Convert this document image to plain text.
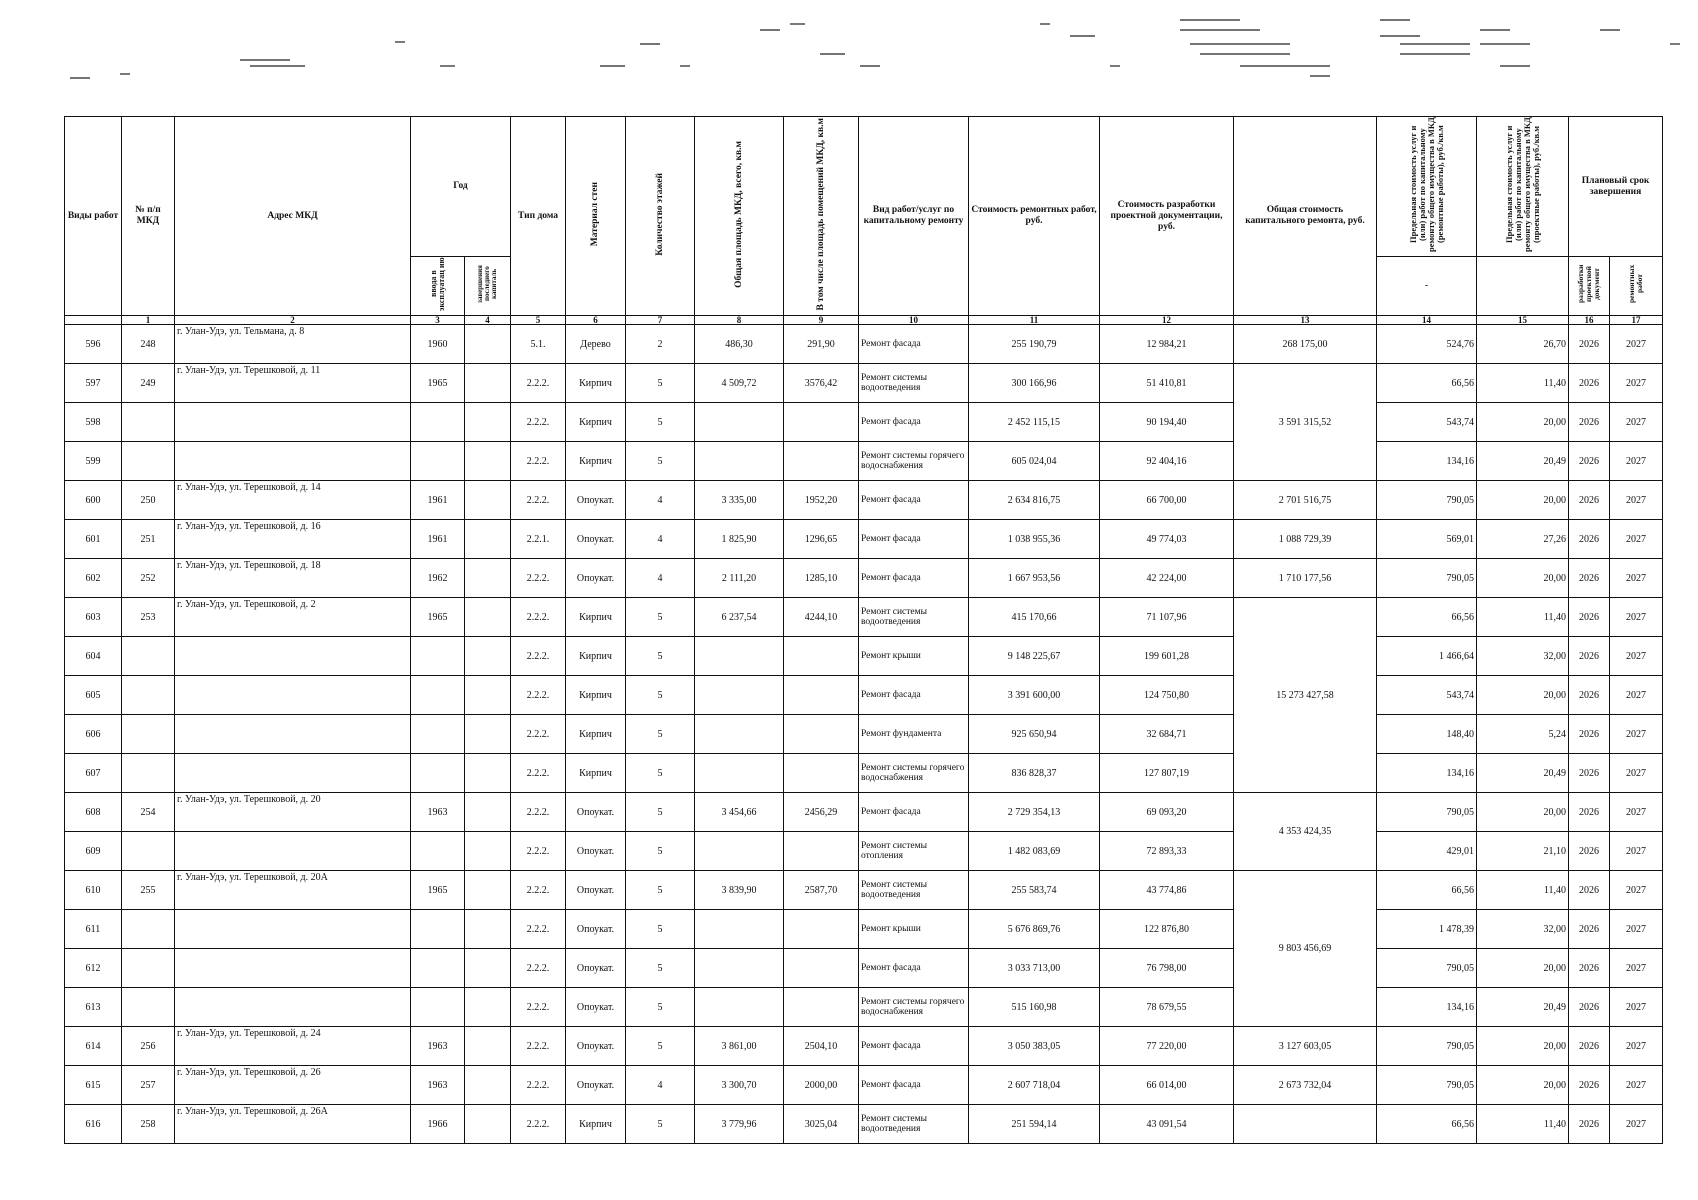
Виды работ	№ п/п МКД	Адрес МКД	Год		Тип дома	Материал стен	Количество этажей	Общая площадь МКД, всего, кв.м	В том числе площадь помещений МКД, кв.м	Вид работ/услуг по капитальному ремонту	Стоимость ремонтных работ, руб.	Стоимость разработки проектной документации, руб.	Общая стоимость капитального ремонта, руб.	Предельная стоимость услуг и (или) работ по капитальному ремонту общего имущества в МКД (ремонтные работы), руб./кв.м	Предельная стоимость услуг и (или) работ по капитальному ремонту общего имущества в МКД (проектные работы), руб./кв.м	Плановый срок завершения	
			ввода в эксплуатац ию	завершения последнего капиталь										-		разработки проектной документ	ремонтных работ
	1	2	3	4	5	6	7	8	9	10	11	12	13	14	15	16	17
596	248	г. Улан-Удэ, ул. Тельмана, д. 8	1960		5.1.	Дерево	2	486,30	291,90	Ремонт фасада	255 190,79	12 984,21	268 175,00	524,76	26,70	2026	2027
597	249	г. Улан-Удэ, ул. Терешковой, д. 11	1965		2.2.2.	Кирпич	5	4 509,72	3576,42	Ремонт системы водоотведения	300 166,96	51 410,81	3 591 315,52	66,56	11,40	2026	2027
598					2.2.2.	Кирпич	5			Ремонт фасада	2 452 115,15	90 194,40		543,74	20,00	2026	2027
599					2.2.2.	Кирпич	5			Ремонт системы горячего водоснабжения	605 024,04	92 404,16		134,16	20,49	2026	2027
600	250	г. Улан-Удэ, ул. Терешковой, д. 14	1961		2.2.2.	Опоукат.	4	3 335,00	1952,20	Ремонт фасада	2 634 816,75	66 700,00	2 701 516,75	790,05	20,00	2026	2027
601	251	г. Улан-Удэ, ул. Терешковой, д. 16	1961		2.2.1.	Опоукат.	4	1 825,90	1296,65	Ремонт фасада	1 038 955,36	49 774,03	1 088 729,39	569,01	27,26	2026	2027
602	252	г. Улан-Удэ, ул. Терешковой, д. 18	1962		2.2.2.	Опоукат.	4	2 111,20	1285,10	Ремонт фасада	1 667 953,56	42 224,00	1 710 177,56	790,05	20,00	2026	2027
603	253	г. Улан-Удэ, ул. Терешковой, д. 2	1965		2.2.2.	Кирпич	5	6 237,54	4244,10	Ремонт системы водоотведения	415 170,66	71 107,96	15 273 427,58	66,56	11,40	2026	2027
604					2.2.2.	Кирпич	5			Ремонт крыши	9 148 225,67	199 601,28		1 466,64	32,00	2026	2027
605					2.2.2.	Кирпич	5			Ремонт фасада	3 391 600,00	124 750,80		543,74	20,00	2026	2027
606					2.2.2.	Кирпич	5			Ремонт фундамента	925 650,94	32 684,71		148,40	5,24	2026	2027
607					2.2.2.	Кирпич	5			Ремонт системы горячего водоснабжения	836 828,37	127 807,19		134,16	20,49	2026	2027
608	254	г. Улан-Удэ, ул. Терешковой, д. 20	1963		2.2.2.	Опоукат.	5	3 454,66	2456,29	Ремонт фасада	2 729 354,13	69 093,20	4 353 424,35	790,05	20,00	2026	2027
609					2.2.2.	Опоукат.	5			Ремонт системы отопления	1 482 083,69	72 893,33		429,01	21,10	2026	2027
610	255	г. Улан-Удэ, ул. Терешковой, д. 20А	1965		2.2.2.	Опоукат.	5	3 839,90	2587,70	Ремонт системы водоотведения	255 583,74	43 774,86	9 803 456,69	66,56	11,40	2026	2027
611					2.2.2.	Опоукат.	5			Ремонт крыши	5 676 869,76	122 876,80		1 478,39	32,00	2026	2027
612					2.2.2.	Опоукат.	5			Ремонт фасада	3 033 713,00	76 798,00		790,05	20,00	2026	2027
613					2.2.2.	Опоукат.	5			Ремонт системы горячего водоснабжения	515 160,98	78 679,55		134,16	20,49	2026	2027
614	256	г. Улан-Удэ, ул. Терешковой, д. 24	1963		2.2.2.	Опоукат.	5	3 861,00	2504,10	Ремонт фасада	3 050 383,05	77 220,00	3 127 603,05	790,05	20,00	2026	2027
615	257	г. Улан-Удэ, ул. Терешковой, д. 26	1963		2.2.2.	Опоукат.	4	3 300,70	2000,00	Ремонт фасада	2 607 718,04	66 014,00	2 673 732,04	790,05	20,00	2026	2027
616	258	г. Улан-Удэ, ул. Терешковой, д. 26А	1966		2.2.2.	Кирпич	5	3 779,96	3025,04	Ремонт системы водоотведения	251 594,14	43 091,54		66,56	11,40	2026	2027
